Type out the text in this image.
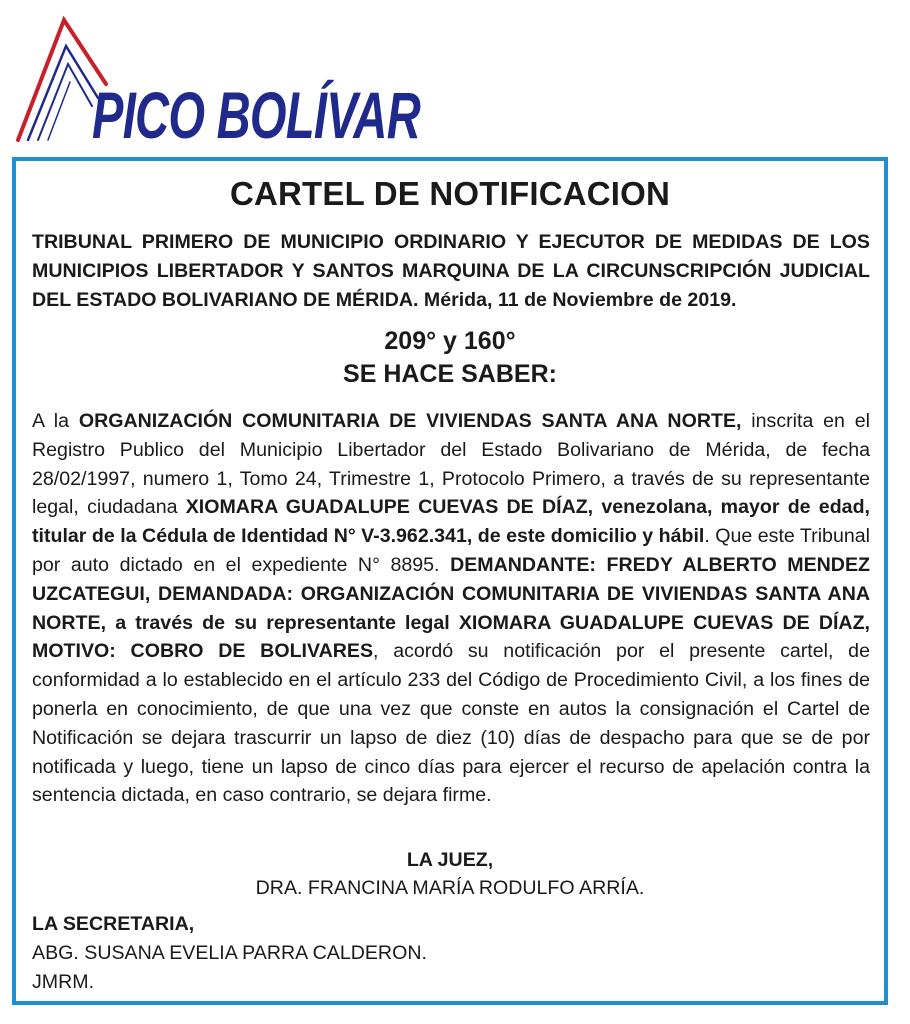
PICO BOLÍVAR
CARTEL DE NOTIFICACION

TRIBUNAL PRIMERO DE MUNICIPIO ORDINARIO Y EJECUTOR DE MEDIDAS DE LOS MUNICIPIOS LIBERTADOR Y SANTOS MARQUINA DE LA CIRCUNSCRIPCIÓN JUDICIAL DEL ESTADO BOLIVARIANO DE MÉRIDA. Mérida, 11 de Noviembre de 2019.

209° y 160°

SE HACE SABER:

A la ORGANIZACIÓN COMUNITARIA DE VIVIENDAS SANTA ANA NORTE, inscrita en el Registro Publico del Municipio Libertador del Estado Bolivariano de Mérida, de fecha 28/02/1997, numero 1, Tomo 24, Trimestre 1, Protocolo Primero, a través de su representante legal, ciudadana XIOMARA GUADALUPE CUEVAS DE DÍAZ, venezolana, mayor de edad, titular de la Cédula de Identidad N° V-3.962.341, de este domicilio y hábil. Que este Tribunal por auto dictado en el expediente N° 8895. DEMANDANTE: FREDY ALBERTO MENDEZ UZCATEGUI, DEMANDADA: ORGANIZACIÓN COMUNITARIA DE VIVIENDAS SANTA ANA NORTE, a través de su representante legal XIOMARA GUADALUPE CUEVAS DE DÍAZ, MOTIVO: COBRO DE BOLIVARES, acordó su notificación por el presente cartel, de conformidad a lo establecido en el artículo 233 del Código de Procedimiento Civil, a los fines de ponerla en conocimiento, de que una vez que conste en autos la consignación el Cartel de Notificación se dejara trascurrir un lapso de diez (10) días de despacho para que se de por notificada y luego, tiene un lapso de cinco días para ejercer el recurso de apelación contra la sentencia dictada, en caso contrario, se dejara firme.

LA JUEZ,

DRA. FRANCINA MARÍA RODULFO ARRÍA.

LA SECRETARIA,

ABG. SUSANA EVELIA PARRA CALDERON.

JMRM.
